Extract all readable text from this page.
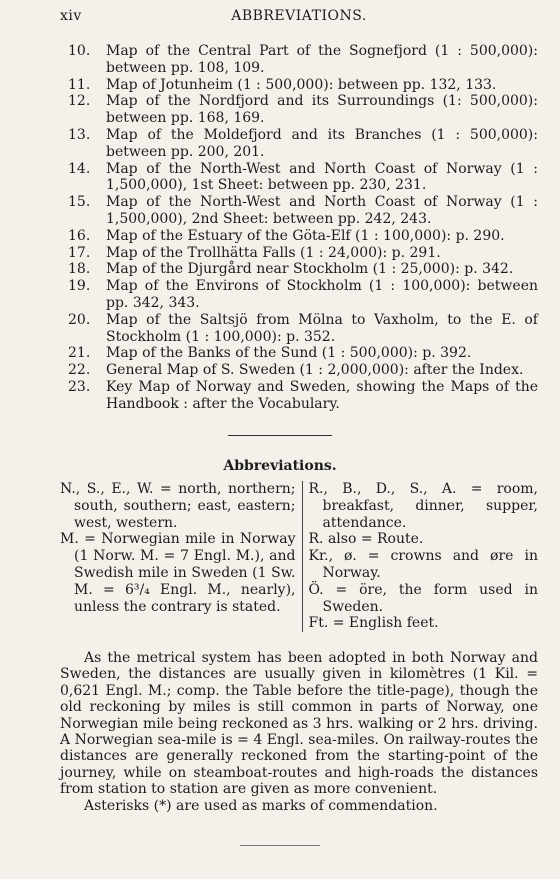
xiv	ABBREVIATIONS.
10.	Map of the Central Part of the Sognefjord (1 : 500,000): between pp. 108, 109.
11.	Map of Jotunheim (1 : 500,000): between pp. 132, 133.
12.	Map of the Nordfjord and its Surroundings (1: 500,000): between pp. 168, 169.
13.	Map of the Moldefjord and its Branches (1 : 500,000): between pp. 200, 201.
14.	Map of the North-West and North Coast of Norway (1 : 1,500,000), 1st Sheet: between pp. 230, 231.
15.	Map of the North-West and North Coast of Norway (1 : 1,500,000), 2nd Sheet: between pp. 242, 243.
16.	Map of the Estuary of the Göta-Elf (1 : 100,000): p. 290.
17.	Map of the Trollhätta Falls (1 : 24,000): p. 291.
18.	Map of the Djurgård near Stockholm (1 : 25,000): p. 342.
19.	Map of the Environs of Stockholm (1 : 100,000): between pp. 342, 343.
20.	Map of the Saltsjö from Mölna to Vaxholm, to the E. of Stockholm (1 : 100,000): p. 352.
21.	Map of the Banks of the Sund (1 : 500,000): p. 392.
22.	General Map of S. Sweden (1 : 2,000,000): after the Index.
23.	Key Map of Norway and Sweden, showing the Maps of the Handbook : after the Vocabulary.
Abbreviations.

N., S., E., W. = north, northern; south, southern; east, eastern; west, western.

M. = Norwegian mile in Norway (1 Norw. M. = 7 Engl. M.), and Swedish mile in Sweden (1 Sw. M. = 6³/₄ Engl. M., nearly), unless the contrary is stated.

R., B., D., S., A. = room, breakfast, dinner, supper, attendance.

R. also = Route.

Kr., ø. = crowns and øre in Norway.

Ö. = öre, the form used in Sweden.

Ft. = English feet.

As the metrical system has been adopted in both Norway and Sweden, the distances are usually given in kilomètres (1 Kil. = 0,621 Engl. M.; comp. the Table before the title-page), though the old reckoning by miles is still common in parts of Norway, one Norwegian mile being reckoned as 3 hrs. walking or 2 hrs. driving. A Norwegian sea-mile is = 4 Engl. sea-miles. On railway-routes the distances are generally reckoned from the starting-point of the journey, while on steamboat-routes and high-roads the distances from station to station are given as more convenient.

Asterisks (*) are used as marks of commendation.
